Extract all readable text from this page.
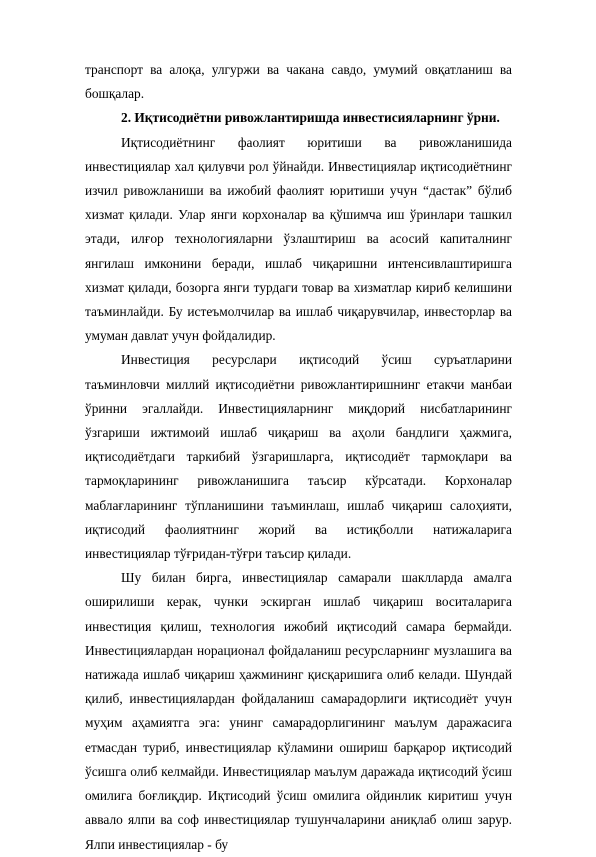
транспорт ва алоқа, улгуржи ва чакана савдо, умумий овқатланиш ва бошқалар.

2. Иқтисодиётни ривожлантиришда инвестисияларнинг ўрни.

Иқтисодиётнинг фаолият юритиши ва ривожланишида инвестициялар хал қилувчи рол ўйнайди. Инвестициялар иқтисодиётнинг изчил ривожланиши ва ижобий фаолият юритиши учун “дастак” бўлиб хизмат қилади. Улар янги корхоналар ва қўшимча иш ўринлари ташкил этади, илғор технологияларни ўзлаштириш ва асосий капиталнинг янгилаш имконини беради, ишлаб чиқаришни интенсивлаштиришга хизмат қилади, бозорга янги турдаги товар ва хизматлар кириб келишини таъминлайди. Бу истеъмолчилар ва ишлаб чиқарувчилар, инвесторлар ва умуман давлат учун фойдалидир.

Инвестиция ресурслари иқтисодий ўсиш суръатларини таъминловчи миллий иқтисодиётни ривожлантиришнинг етакчи манбаи ўринни эгаллайди. Инвестицияларнинг миқдорий нисбатларининг ўзгариши ижтимоий ишлаб чиқариш ва аҳоли бандлиги ҳажмига, иқтисодиётдаги таркибий ўзгаришларга, иқтисодиёт тармоқлари ва тармоқларининг ривожланишига таъсир кўрсатади. Корхоналар маблағларининг тўпланишини таъминлаш, ишлаб чиқариш салоҳияти, иқтисодий фаолиятнинг жорий ва истиқболли натижаларига инвестициялар тўғридан-тўғри таъсир қилади.

Шу билан бирга, инвестициялар самарали шаклларда амалга оширилиши керак, чунки эскирган ишлаб чиқариш воситаларига инвестиция қилиш, технология ижобий иқтисодий самара бермайди. Инвестициялардан норационал фойдаланиш ресурсларнинг музлашига ва натижада ишлаб чиқариш ҳажмининг қисқаришига олиб келади. Шундай қилиб, инвестициялардан фойдаланиш самарадорлиги иқтисодиёт учун муҳим аҳамиятга эга: унинг самарадорлигининг маълум даражасига етмасдан туриб, инвестициялар кўламини ошириш барқарор иқтисодий ўсишга олиб келмайди. Инвестициялар маълум даражада иқтисодий ўсиш омилига боғлиқдир. Иқтисодий ўсиш омилига ойдинлик киритиш учун аввало ялпи ва соф инвестициялар тушунчаларини аниқлаб олиш зарур. Ялпи инвестициялар - бу
